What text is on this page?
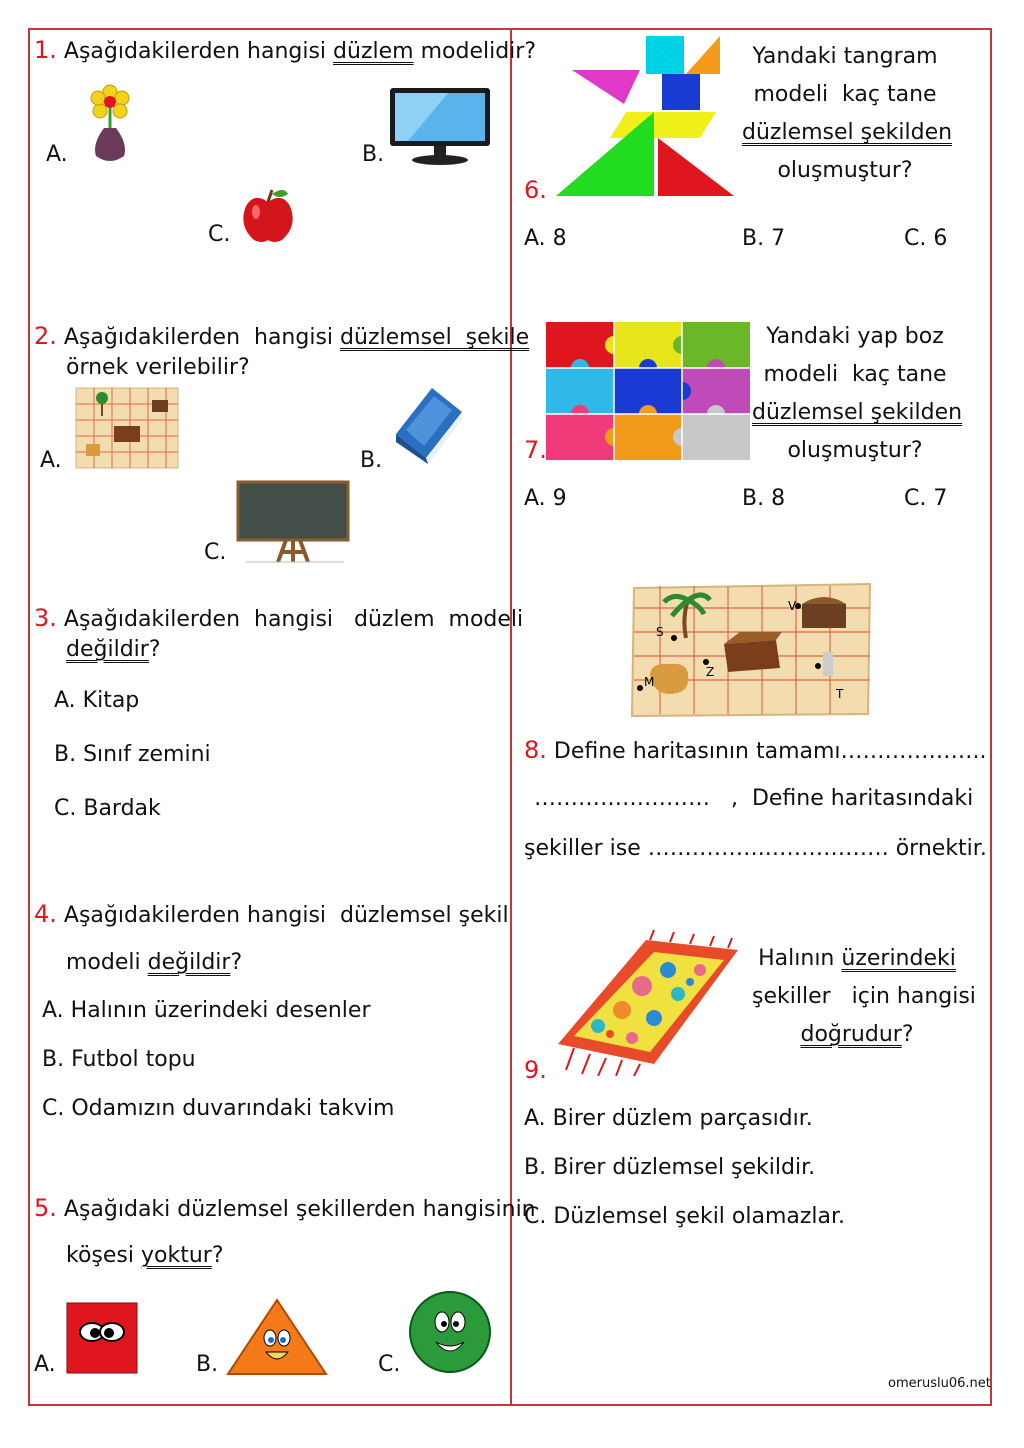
1. Aşağıdakilerden hangisi düzlem modelidir?
A.	B.
C.
2. Aşağıdakilerden  hangisi düzlemsel  şekile
örnek verilebilir?
A.	B.
C.
3. Aşağıdakilerden  hangisi   düzlem  modeli
değildir?
A. Kitap
B. Sınıf zemini
C. Bardak
4. Aşağıdakilerden hangisi  düzlemsel şekil
modeli değildir?
A. Halının üzerindeki desenler
B. Futbol topu
C. Odamızın duvarındaki takvim
5. Aşağıdaki düzlemsel şekillerden hangisinin
köşesi yoktur?
A.	B.	C.
6.
Yandaki tangram
modeli  kaç tane
düzlemsel şekilden
oluşmuştur?
A. 8	B. 7	C. 6
7.
Yandaki yap boz
modeli  kaç tane
düzlemsel şekilden
oluşmuştur?
A. 9	B. 8	C. 7
S
V
Z
M
T
8. Define haritasının tamamı………………..
……………………   ,  Define haritasındaki
şekiller ise ……………..……………. örnektir.
9.
Halının üzerindeki
şekiller   için hangisi
doğrudur?
A. Birer düzlem parçasıdır.
B. Birer düzlemsel şekildir.
C. Düzlemsel şekil olamazlar.
omeruslu06.net
